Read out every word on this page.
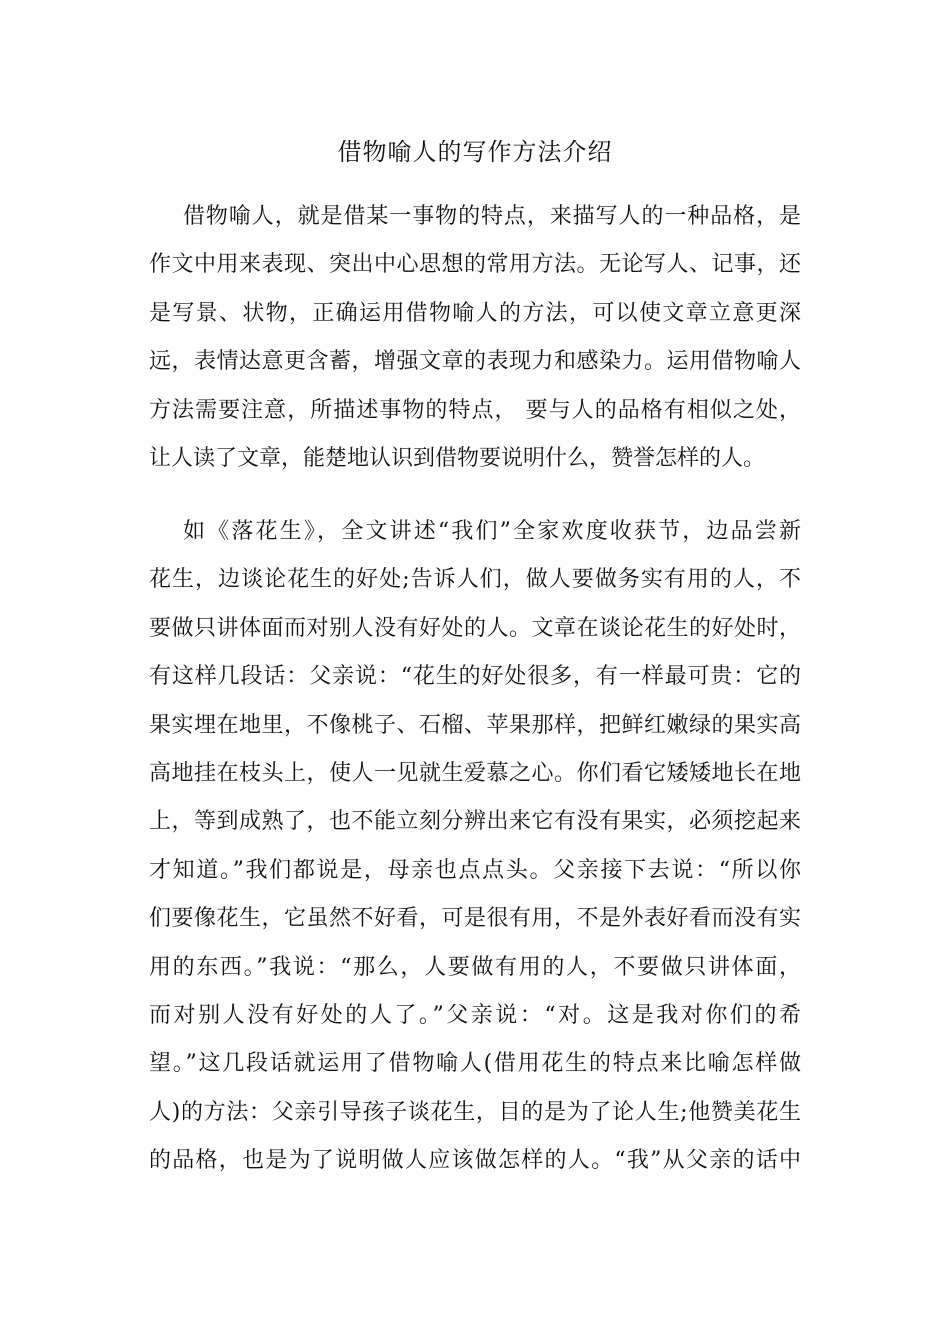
借物喻人的写作方法介绍
借物喻人，就是借某一事物的特点，来描写人的一种品格，是
作文中用来表现、突出中心思想的常用方法。无论写人、记事，还
是写景、状物，正确运用借物喻人的方法，可以使文章立意更深
远，表情达意更含蓄，增强文章的表现力和感染力。运用借物喻人
方法需要注意，所描述事物的特点， 要与人的品格有相似之处，
让人读了文章，能楚地认识到借物要说明什么，赞誉怎样的人。
如《落花生》，全文讲述“我们”全家欢度收获节，边品尝新
花生，边谈论花生的好处;告诉人们，做人要做务实有用的人，不
要做只讲体面而对别人没有好处的人。文章在谈论花生的好处时，
有这样几段话：父亲说：“花生的好处很多，有一样最可贵：它的
果实埋在地里，不像桃子、石榴、苹果那样，把鲜红嫩绿的果实高
高地挂在枝头上，使人一见就生爱慕之心。你们看它矮矮地长在地
上，等到成熟了，也不能立刻分辨出来它有没有果实，必须挖起来
才知道。”我们都说是，母亲也点点头。父亲接下去说：“所以你
们要像花生，它虽然不好看，可是很有用，不是外表好看而没有实
用的东西。”我说：“那么，人要做有用的人，不要做只讲体面，
而对别人没有好处的人了。”父亲说：“对。这是我对你们的希
望。”这几段话就运用了借物喻人(借用花生的特点来比喻怎样做
人)的方法：父亲引导孩子谈花生，目的是为了论人生;他赞美花生
的品格，也是为了说明做人应该做怎样的人。“我”从父亲的话中
